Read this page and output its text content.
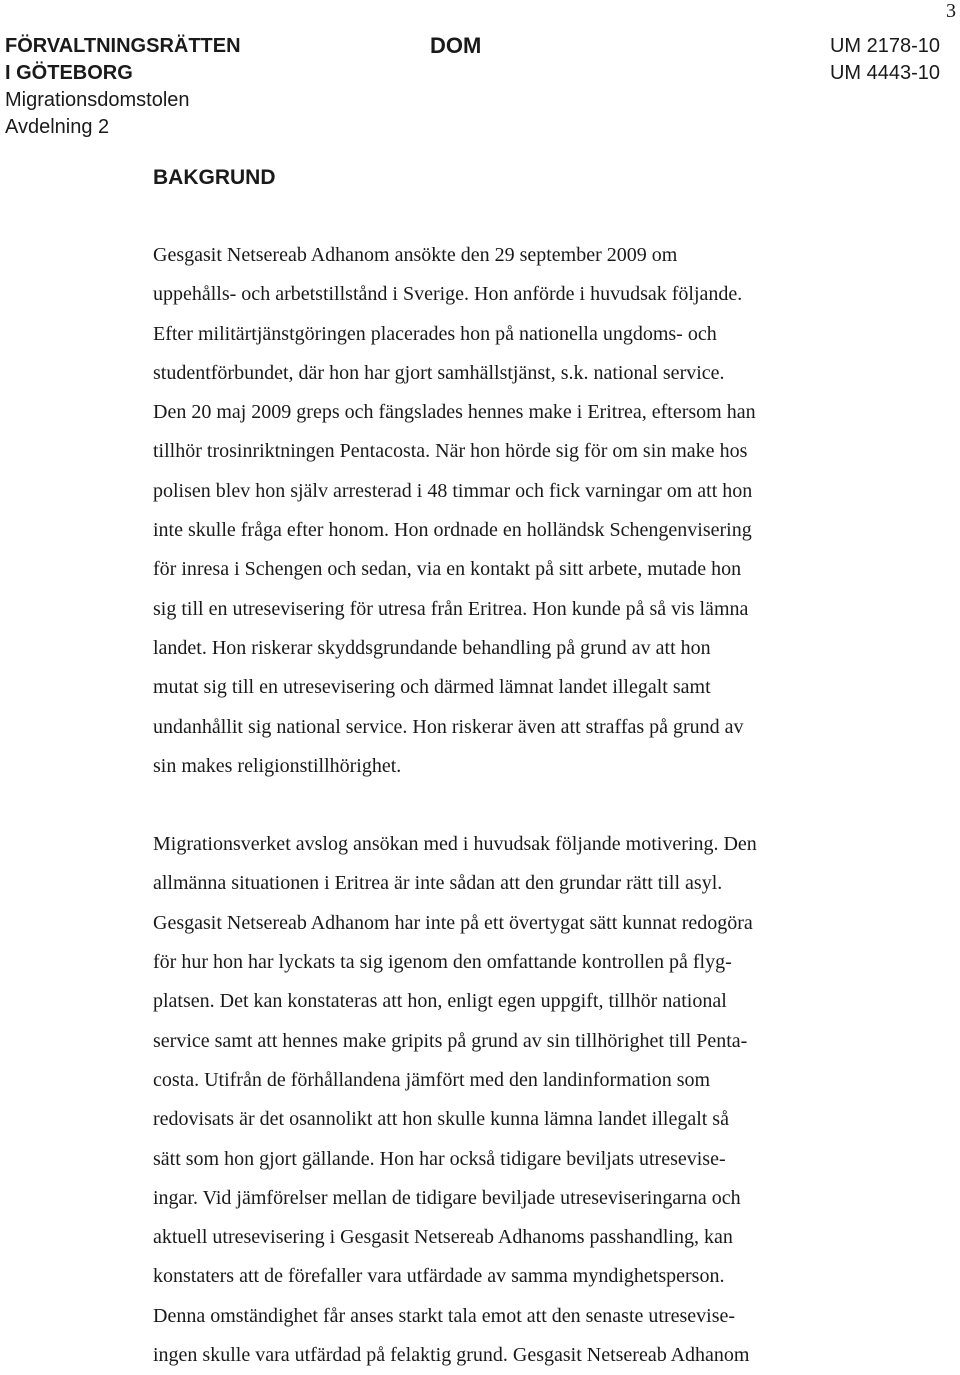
3
FÖRVALTNINGSRÄTTEN
I GÖTEBORG
Migrationsdomstolen
Avdelning 2
DOM	UM 2178-10
UM 4443-10
BAKGRUND

Gesgasit Netsereab Adhanom ansökte den 29 september 2009 om
uppehålls- och arbetstillstånd i Sverige. Hon anförde i huvudsak följande.
Efter militärtjänstgöringen placerades hon på nationella ungdoms- och
studentförbundet, där hon har gjort samhällstjänst, s.k. national service.
Den 20 maj 2009 greps och fängslades hennes make i Eritrea, eftersom han
tillhör trosinriktningen Pentacosta. När hon hörde sig för om sin make hos
polisen blev hon själv arresterad i 48 timmar och fick varningar om att hon
inte skulle fråga efter honom. Hon ordnade en holländsk Schengenvisering
för inresa i Schengen och sedan, via en kontakt på sitt arbete, mutade hon
sig till en utresevisering för utresa från Eritrea. Hon kunde på så vis lämna
landet. Hon riskerar skyddsgrundande behandling på grund av att hon
mutat sig till en utresevisering och därmed lämnat landet illegalt samt
undanhållit sig national service. Hon riskerar även att straffas på grund av
sin makes religionstillhörighet.

Migrationsverket avslog ansökan med i huvudsak följande motivering. Den
allmänna situationen i Eritrea är inte sådan att den grundar rätt till asyl.
Gesgasit Netsereab Adhanom har inte på ett övertygat sätt kunnat redogöra
för hur hon har lyckats ta sig igenom den omfattande kontrollen på flyg-
platsen. Det kan konstateras att hon, enligt egen uppgift, tillhör national
service samt att hennes make gripits på grund av sin tillhörighet till Penta-
costa. Utifrån de förhållandena jämfört med den landinformation som
redovisats är det osannolikt att hon skulle kunna lämna landet illegalt så
sätt som hon gjort gällande. Hon har också tidigare beviljats utresevise-
ingar. Vid jämförelser mellan de tidigare beviljade utreseviseringarna och
aktuell utresevisering i Gesgasit Netsereab Adhanoms passhandling, kan
konstaters att de förefaller vara utfärdade av samma myndighetsperson.
Denna omständighet får anses starkt tala emot att den senaste utresevise-
ingen skulle vara utfärdad på felaktig grund. Gesgasit Netsereab Adhanom
